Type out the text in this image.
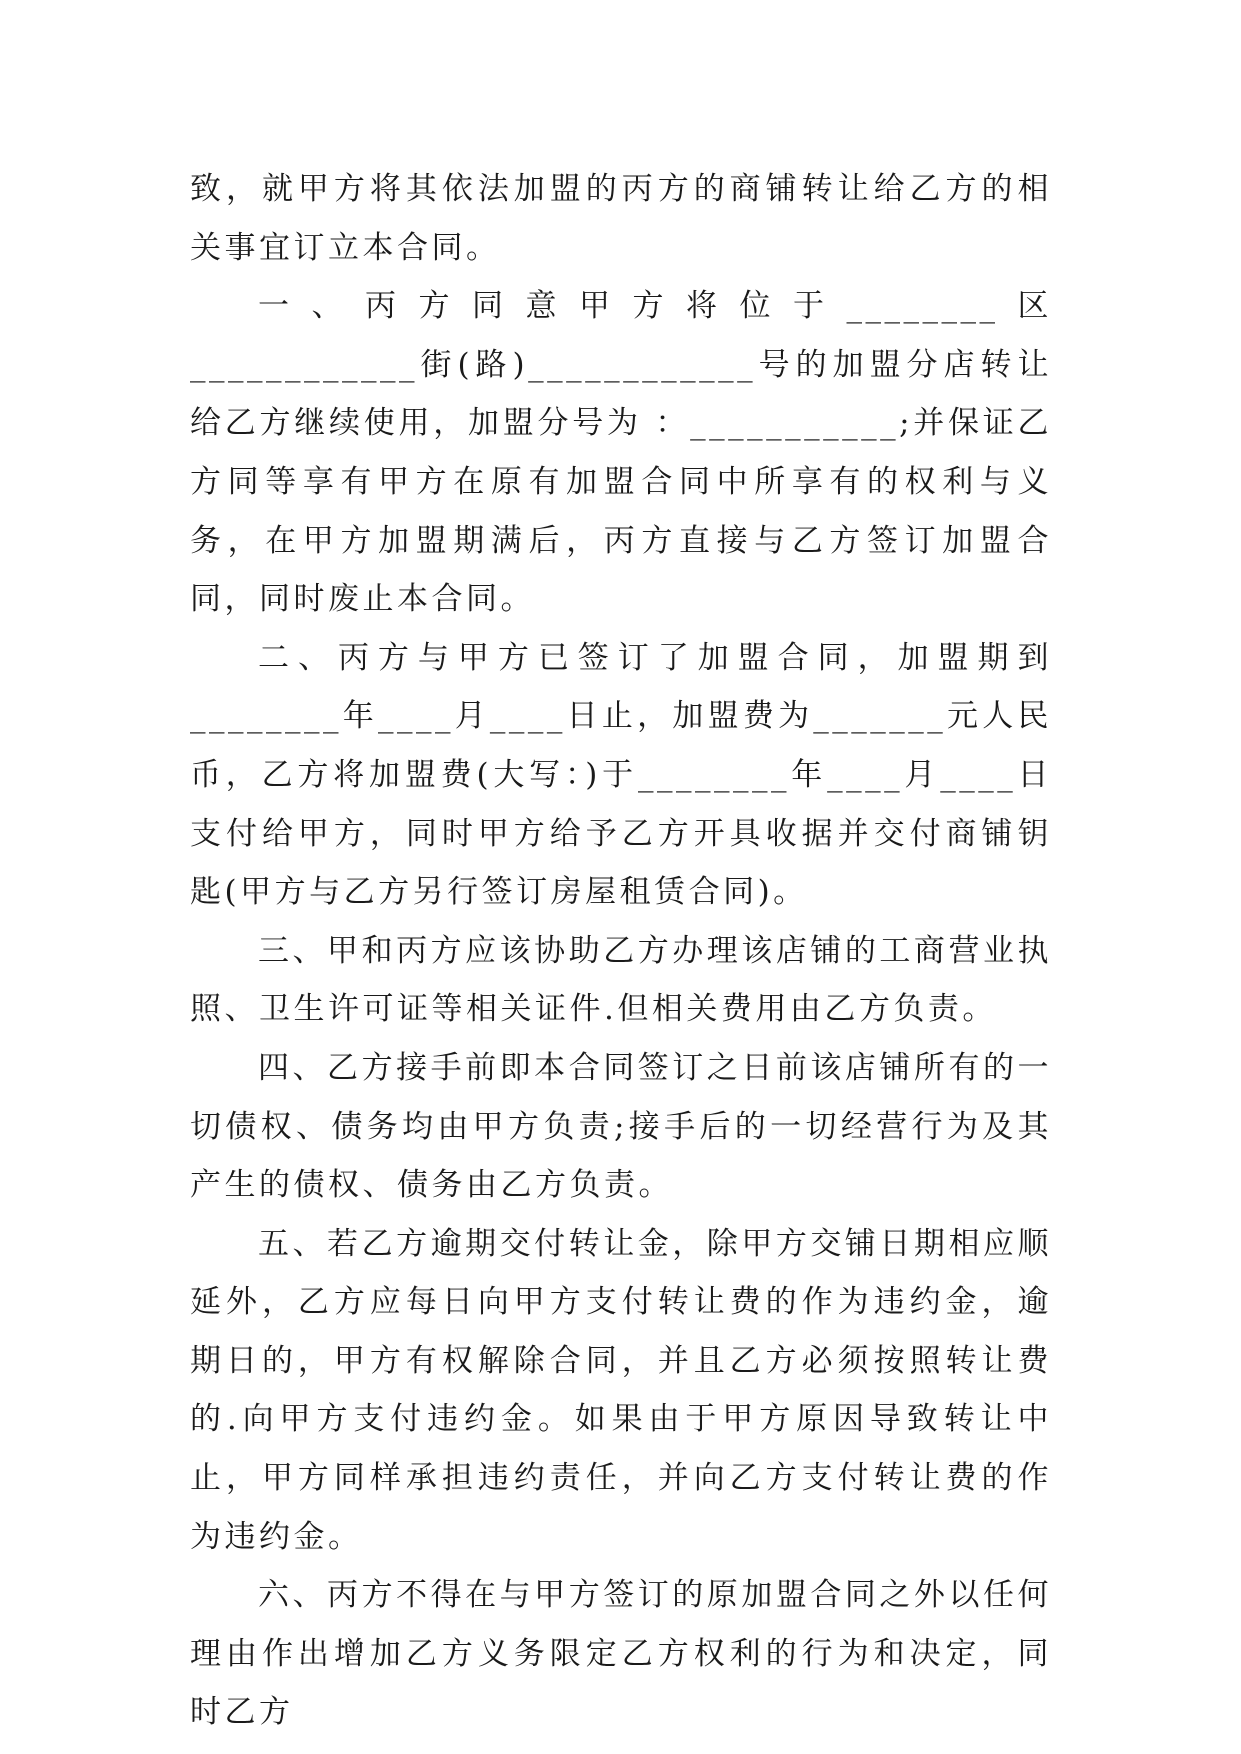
致，就甲方将其依法加盟的丙方的商铺转让给乙方的相关事宜订立本合同。

一、丙方同意甲方将位于________区 ____________街(路)____________号的加盟分店转让给乙方继续使用，加盟分号为 ：___________;并保证乙方同等享有甲方在原有加盟合同中所享有的权利与义务，在甲方加盟期满后，丙方直接与乙方签订加盟合同，同时废止本合同。

二、丙方与甲方已签订了加盟合同，加盟期到________年____月____日止，加盟费为_______元人民币，乙方将加盟费(大写：)于________年____月____日支付给甲方，同时甲方给予乙方开具收据并交付商铺钥匙(甲方与乙方另行签订房屋租赁合同)。

三、甲和丙方应该协助乙方办理该店铺的工商营业执照、卫生许可证等相关证件.但相关费用由乙方负责。

四、乙方接手前即本合同签订之日前该店铺所有的一切债权、债务均由甲方负责;接手后的一切经营行为及其产生的债权、债务由乙方负责。

五、若乙方逾期交付转让金，除甲方交铺日期相应顺延外，乙方应每日向甲方支付转让费的作为违约金，逾期日的，甲方有权解除合同，并且乙方必须按照转让费的.向甲方支付违约金。如果由于甲方原因导致转让中止，甲方同样承担违约责任，并向乙方支付转让费的作为违约金。

六、丙方不得在与甲方签订的原加盟合同之外以任何理由作出增加乙方义务限定乙方权利的行为和决定，同时乙方
